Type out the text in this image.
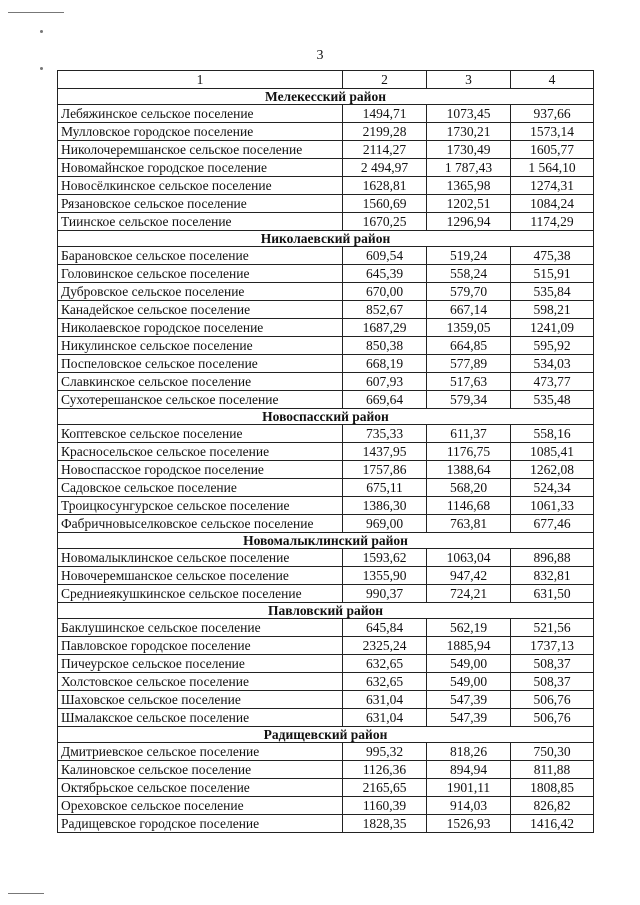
3
1	2	3	4
Мелекесский район			
Лебяжинское сельское поселение	1494,71	1073,45	937,66
Мулловское городское поселение	2199,28	1730,21	1573,14
Николочеремшанское сельское поселение	2114,27	1730,49	1605,77
Новомайнское городское поселение	2 494,97	1 787,43	1 564,10
Новосёлкинское сельское поселение	1628,81	1365,98	1274,31
Рязановское сельское поселение	1560,69	1202,51	1084,24
Тиинское сельское поселение	1670,25	1296,94	1174,29
Николаевский район			
Барановское сельское поселение	609,54	519,24	475,38
Головинское сельское поселение	645,39	558,24	515,91
Дубровское сельское поселение	670,00	579,70	535,84
Канадейское сельское поселение	852,67	667,14	598,21
Николаевское городское поселение	1687,29	1359,05	1241,09
Никулинское сельское поселение	850,38	664,85	595,92
Поспеловское сельское поселение	668,19	577,89	534,03
Славкинское сельское поселение	607,93	517,63	473,77
Сухотерешанское сельское поселение	669,64	579,34	535,48
Новоспасский район			
Коптевское сельское поселение	735,33	611,37	558,16
Красносельское сельское поселение	1437,95	1176,75	1085,41
Новоспасское городское поселение	1757,86	1388,64	1262,08
Садовское сельское поселение	675,11	568,20	524,34
Троицкосунгурское сельское поселение	1386,30	1146,68	1061,33
Фабричновыселковское сельское поселение	969,00	763,81	677,46
Новомалыклинский район			
Новомалыклинское сельское поселение	1593,62	1063,04	896,88
Новочеремшанское сельское поселение	1355,90	947,42	832,81
Средниеякушкинское сельское поселение	990,37	724,21	631,50
Павловский район			
Баклушинское сельское поселение	645,84	562,19	521,56
Павловское городское поселение	2325,24	1885,94	1737,13
Пичеурское сельское поселение	632,65	549,00	508,37
Холстовское сельское поселение	632,65	549,00	508,37
Шаховское сельское поселение	631,04	547,39	506,76
Шмалакское сельское поселение	631,04	547,39	506,76
Радищевский район			
Дмитриевское сельское поселение	995,32	818,26	750,30
Калиновское сельское поселение	1126,36	894,94	811,88
Октябрьское сельское поселение	2165,65	1901,11	1808,85
Ореховское сельское поселение	1160,39	914,03	826,82
Радищевское городское поселение	1828,35	1526,93	1416,42
